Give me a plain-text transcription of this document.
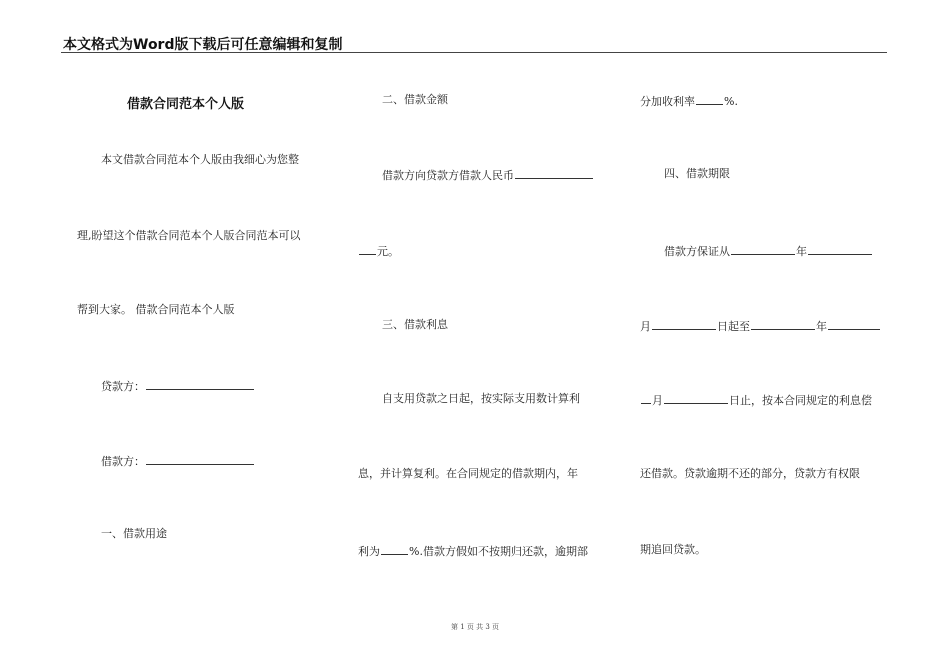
本文格式为Word版下载后可任意编辑和复制
借款合同范本个人版
本文借款合同范本个人版由我细心为您整
理,盼望这个借款合同范本个人版合同范本可以
帮到大家。 借款合同范本个人版
贷款方：
借款方：
一、借款用途
二、借款金额
借款方向贷款方借款人民币
元。
三、借款利息
自支用贷款之日起，按实际支用数计算利
息，并计算复利。在合同规定的借款期内，年
利为	%.借款方假如不按期归还款，逾期部
分加收利率	%.
四、借款期限
借款方保证从	年
月	日起至	年
月	日止，按本合同规定的利息偿
还借款。贷款逾期不还的部分，贷款方有权限
期追回贷款。
第 1 页 共 3 页
